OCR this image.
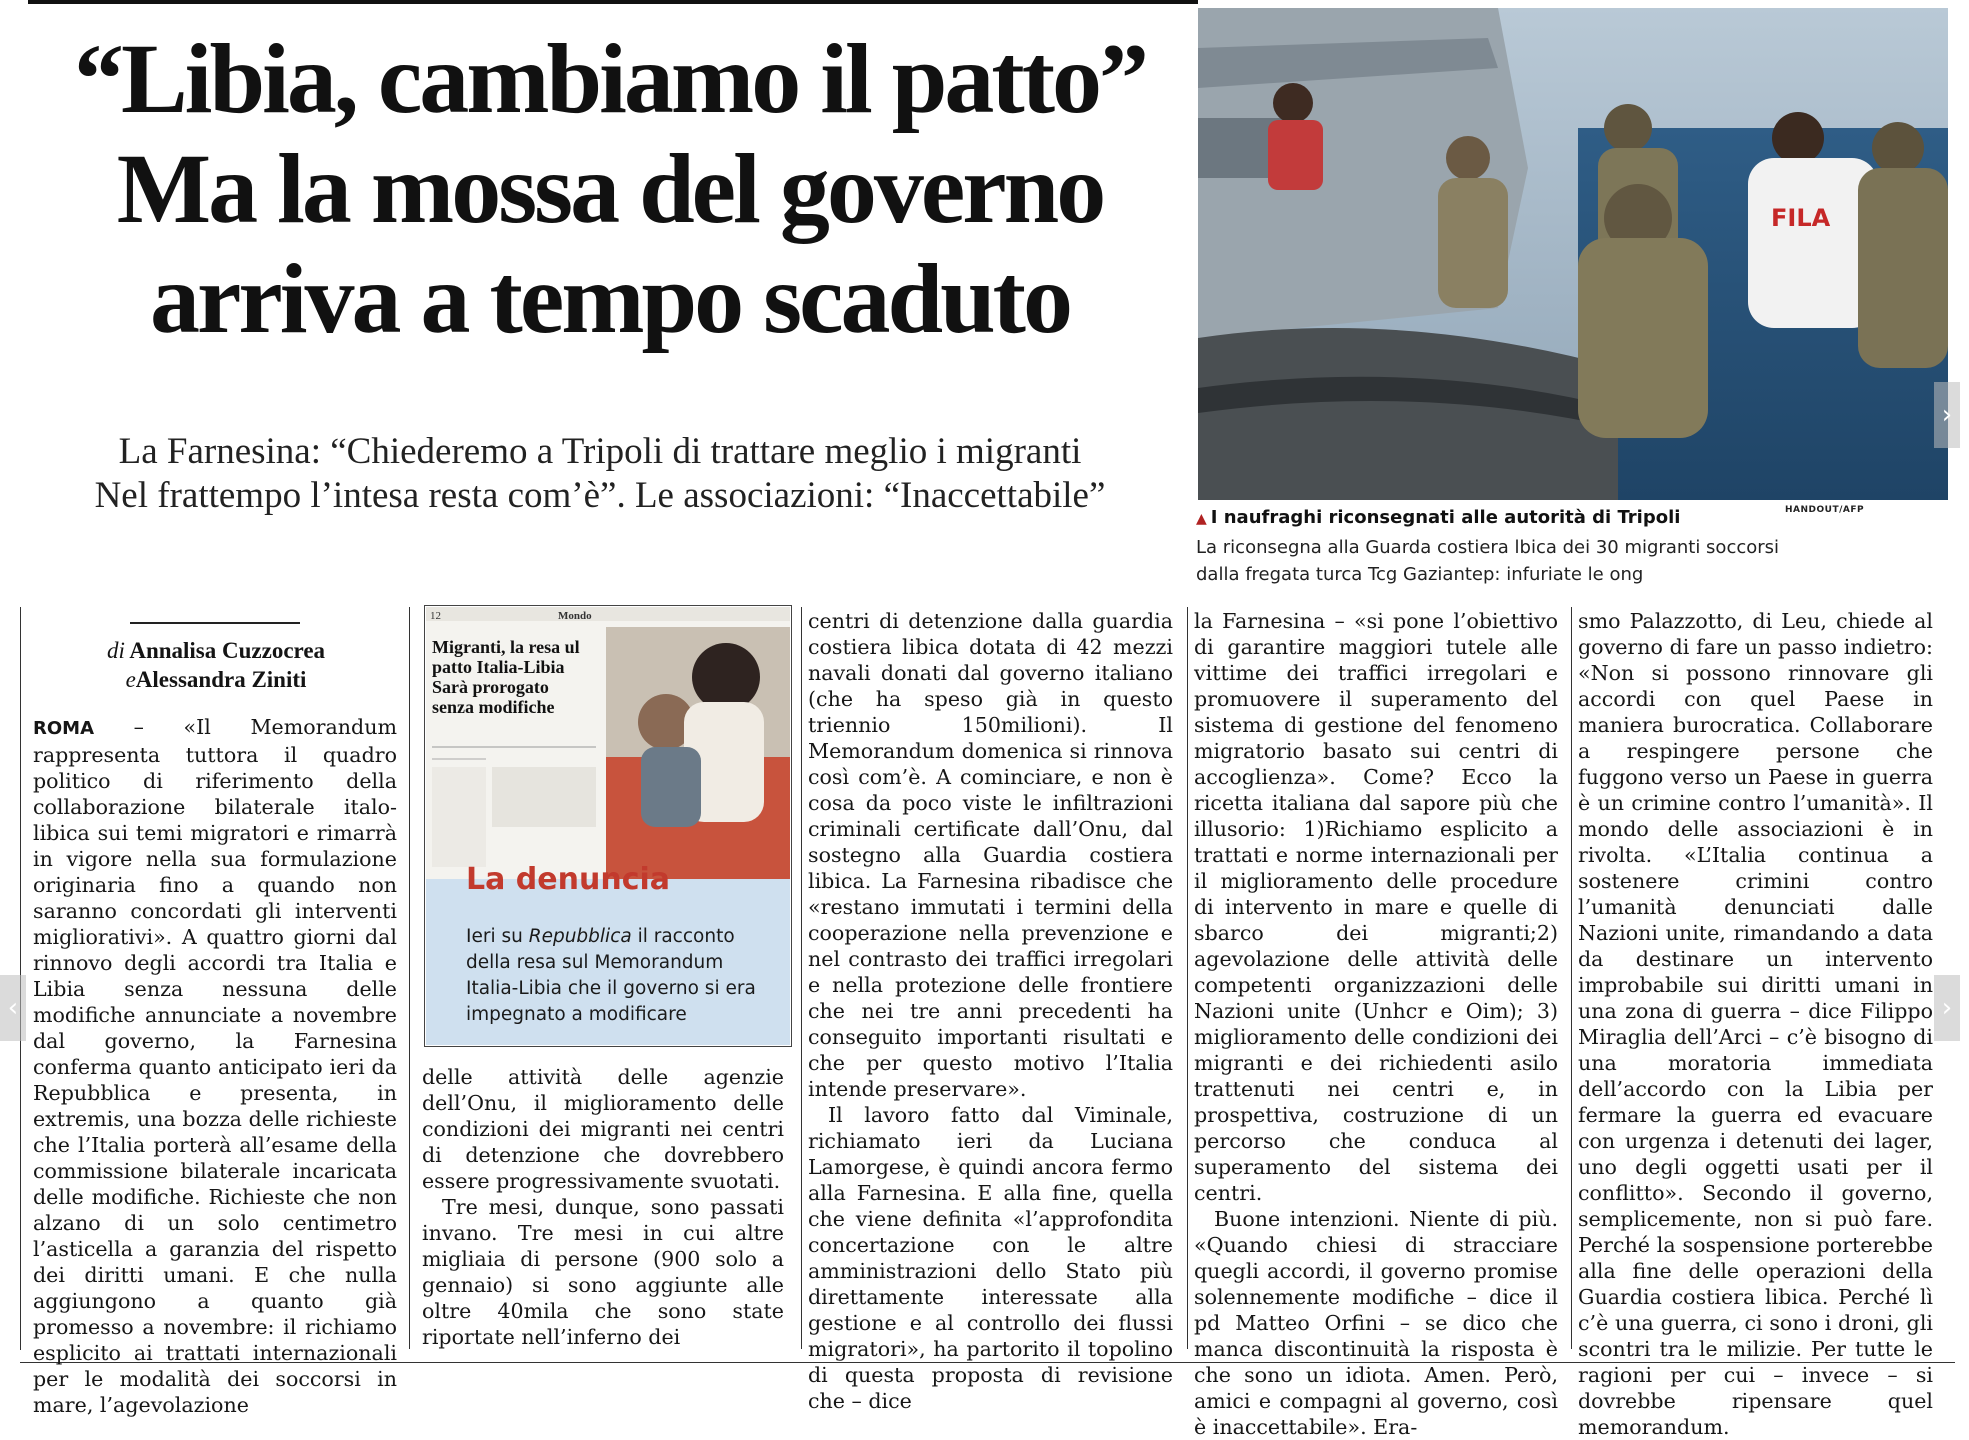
“Libia, cambiamo il patto”
Ma la mossa del governo
arriva a tempo scaduto
La Farnesina: “Chiederemo a Tripoli di trattare meglio i migranti
Nel frattempo l’intesa resta com’è”. Le associazioni: “Inaccettabile”
FILA
▲ I naufraghi riconsegnati alle autorità di Tripoli	HANDOUT/AFP
La riconsegna alla Guarda costiera lbica dei 30 migranti soccorsi dalla fregata turca Tcg Gaziantep: infuriate le ong
di Annalisa Cuzzocrea
eAlessandra Ziniti

ROMA – «Il Memorandum rappresenta tuttora il quadro politico di riferimento della collaborazione bilaterale italo-libica sui temi migratori e rimarrà in vigore nella sua formulazione originaria fino a quando non saranno concordati gli interventi migliorativi». A quattro giorni dal rinnovo degli accordi tra Italia e Libia senza nessuna delle modifiche annunciate a novembre dal governo, la Farnesina conferma quanto anticipato ieri da Repubblica e presenta, in extremis, una bozza delle richieste che l’Italia porterà all’esame della commissione bilaterale incaricata delle modifiche. Richieste che non alzano di un solo centimetro l’asticella a garanzia del rispetto dei diritti umani. E che nulla aggiungono a quanto già promesso a novembre: il richiamo esplicito ai trattati internazionali per le modalità dei soccorsi in mare, l’agevolazione

12	Mondo
Migranti, la resa ul patto Italia-Libia Sarà prorogato senza modifiche
La denuncia
Ieri su Repubblica il racconto della resa sul Memorandum Italia-Libia che il governo si era impegnato a modificare

delle attività delle agenzie dell’Onu, il miglioramento delle condizioni dei migranti nei centri di detenzione che dovrebbero essere progressivamente svuotati.

Tre mesi, dunque, sono passati invano. Tre mesi in cui altre migliaia di persone (900 solo a gennaio) si sono aggiunte alle oltre 40mila che sono state riportate nell’inferno dei

centri di detenzione dalla guardia costiera libica dotata di 42 mezzi navali donati dal governo italiano (che ha speso già in questo triennio 150milioni). Il Memorandum domenica si rinnova così com’è. A cominciare, e non è cosa da poco viste le infiltrazioni criminali certificate dall’Onu, dal sostegno alla Guardia costiera libica. La Farnesina ribadisce che «restano immutati i termini della cooperazione nella prevenzione e nel contrasto dei traffici irregolari e nella protezione delle frontiere che nei tre anni precedenti ha conseguito importanti risultati e che per questo motivo l’Italia intende preservare».

Il lavoro fatto dal Viminale, richiamato ieri da Luciana Lamorgese, è quindi ancora fermo alla Farnesina. E alla fine, quella che viene definita «l’approfondita concertazione con le altre amministrazioni dello Stato più direttamente interessate alla gestione e al controllo dei flussi migratori», ha partorito il topolino di questa proposta di revisione che – dice

la Farnesina – «si pone l’obiettivo di garantire maggiori tutele alle vittime dei traffici irregolari e promuovere il superamento del sistema di gestione del fenomeno migratorio basato sui centri di accoglienza». Come? Ecco la ricetta italiana dal sapore più che illusorio: 1)Richiamo esplicito a trattati e norme internazionali per il miglioramento delle procedure di intervento in mare e quelle di sbarco dei migranti;2) agevolazione delle attività delle competenti organizzazioni delle Nazioni unite (Unhcr e Oim); 3) miglioramento delle condizioni dei migranti e dei richiedenti asilo trattenuti nei centri e, in prospettiva, costruzione di un percorso che conduca al superamento del sistema dei centri.

Buone intenzioni. Niente di più. «Quando chiesi di stracciare quegli accordi, il governo promise solennemente modifiche – dice il pd Matteo Orfini – se dico che manca discontinuità la risposta è che sono un idiota. Amen. Però, amici e compagni al governo, così è inaccettabile». Era-

smo Palazzotto, di Leu, chiede al governo di fare un passo indietro: «Non si possono rinnovare gli accordi con quel Paese in maniera burocratica. Collaborare a respingere persone che fuggono verso un Paese in guerra è un crimine contro l’umanità». Il mondo delle associazioni è in rivolta. «L’Italia continua a sostenere crimini contro l’umanità denunciati dalle Nazioni unite, rimandando a data da destinare un intervento improbabile sui diritti umani in una zona di guerra – dice Filippo Miraglia dell’Arci – c’è bisogno di una moratoria immediata dell’accordo con la Libia per fermare la guerra ed evacuare con urgenza i detenuti dei lager, uno degli oggetti usati per il conflitto». Secondo il governo, semplicemente, non si può fare. Perché la sospensione porterebbe alla fine delle operazioni della Guardia costiera libica. Perché lì c’è una guerra, ci sono i droni, gli scontri tra le milizie. Per tutte le ragioni per cui – invece – si dovrebbe ripensare quel memorandum.

‹
›
›
